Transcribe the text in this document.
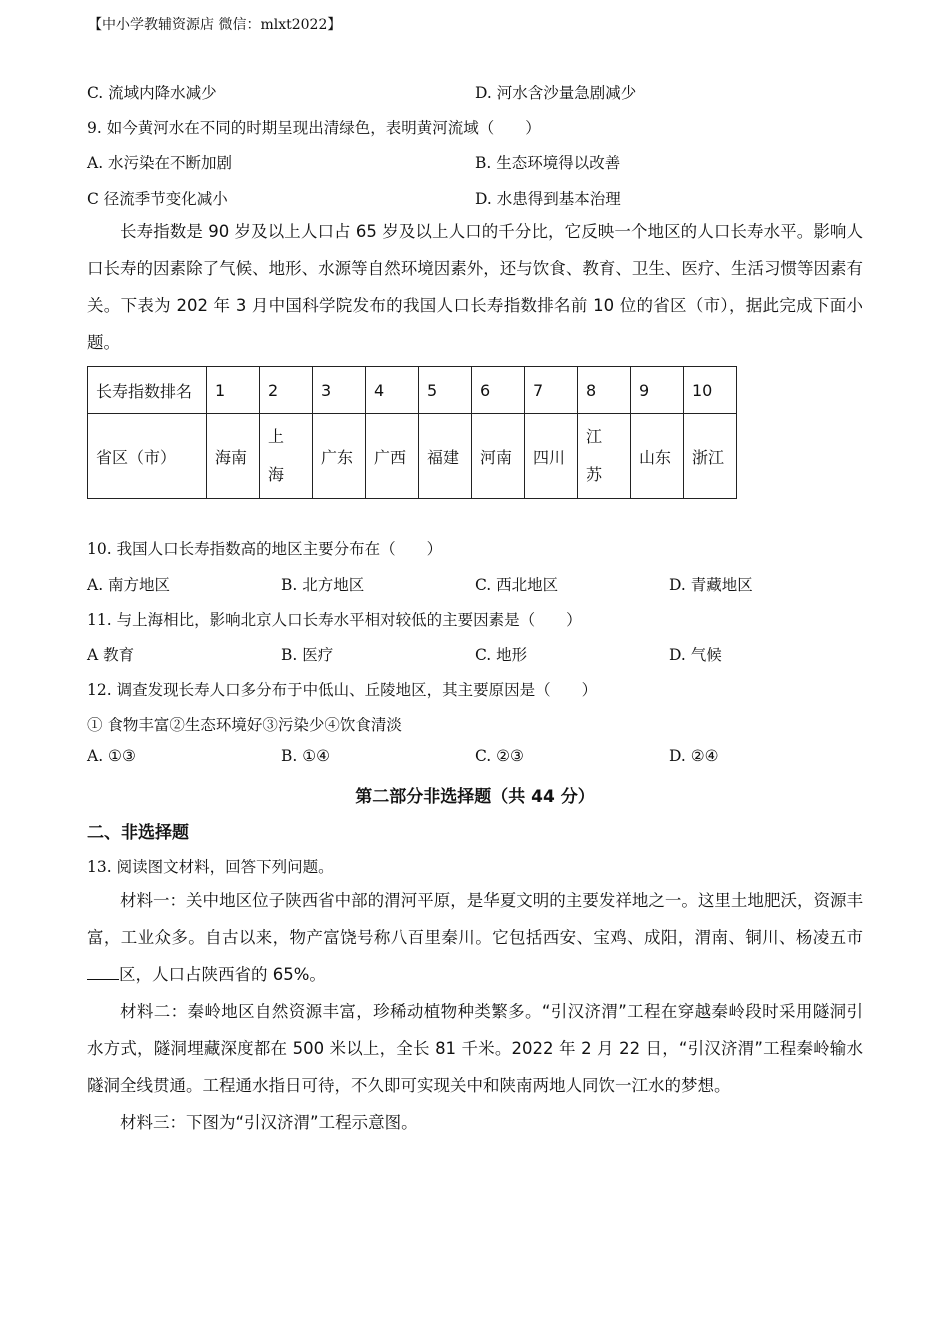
【中小学教辅资源店 微信：mlxt2022】
C. 流域内降水减少	D. 河水含沙量急剧减少
9. 如今黄河水在不同的时期呈现出清绿色，表明黄河流域（　　）
A. 水污染在不断加剧	B. 生态环境得以改善
C 径流季节变化减小	D. 水患得到基本治理

长寿指数是 90 岁及以上人口占 65 岁及以上人口的千分比，它反映一个地区的人口长寿水平。影响人口长寿的因素除了气候、地形、水源等自然环境因素外，还与饮食、教育、卫生、医疗、生活习惯等因素有关。下表为 202 年 3 月中国科学院发布的我国人口长寿指数排名前 10 位的省区（市），据此完成下面小题。

长寿指数排名	1	2	3	4	5	6	7	8	9	10
省区（市）	海南	上海	广东	广西	福建	河南	四川	江苏	山东	浙江
10. 我国人口长寿指数高的地区主要分布在（　　）
A. 南方地区	B. 北方地区	C. 西北地区	D. 青藏地区
11. 与上海相比，影响北京人口长寿水平相对较低的主要因素是（　　）
A 教育	B. 医疗	C. 地形	D. 气候
12. 调查发现长寿人口多分布于中低山、丘陵地区，其主要原因是（　　）
① 食物丰富②生态环境好③污染少④饮食清淡
A. ①③	B. ①④	C. ②③	D. ②④
第二部分非选择题（共 44 分）
二、非选择题
13. 阅读图文材料，回答下列问题。

材料一：关中地区位子陕西省中部的渭河平原，是华夏文明的主要发祥地之一。这里土地肥沃，资源丰富，工业众多。自古以来，物产富饶号称八百里秦川。它包括西安、宝鸡、成阳，渭南、铜川、杨凌五市区，人口占陕西省的 65%。

材料二：秦岭地区自然资源丰富，珍稀动植物种类繁多。“引汉济渭”工程在穿越秦岭段时采用隧洞引水方式，隧洞埋藏深度都在 500 米以上，全长 81 千米。2022 年 2 月 22 日，“引汉济渭”工程秦岭输水隧洞全线贯通。工程通水指日可待，不久即可实现关中和陕南两地人同饮一江水的梦想。

材料三：下图为“引汉济渭”工程示意图。
